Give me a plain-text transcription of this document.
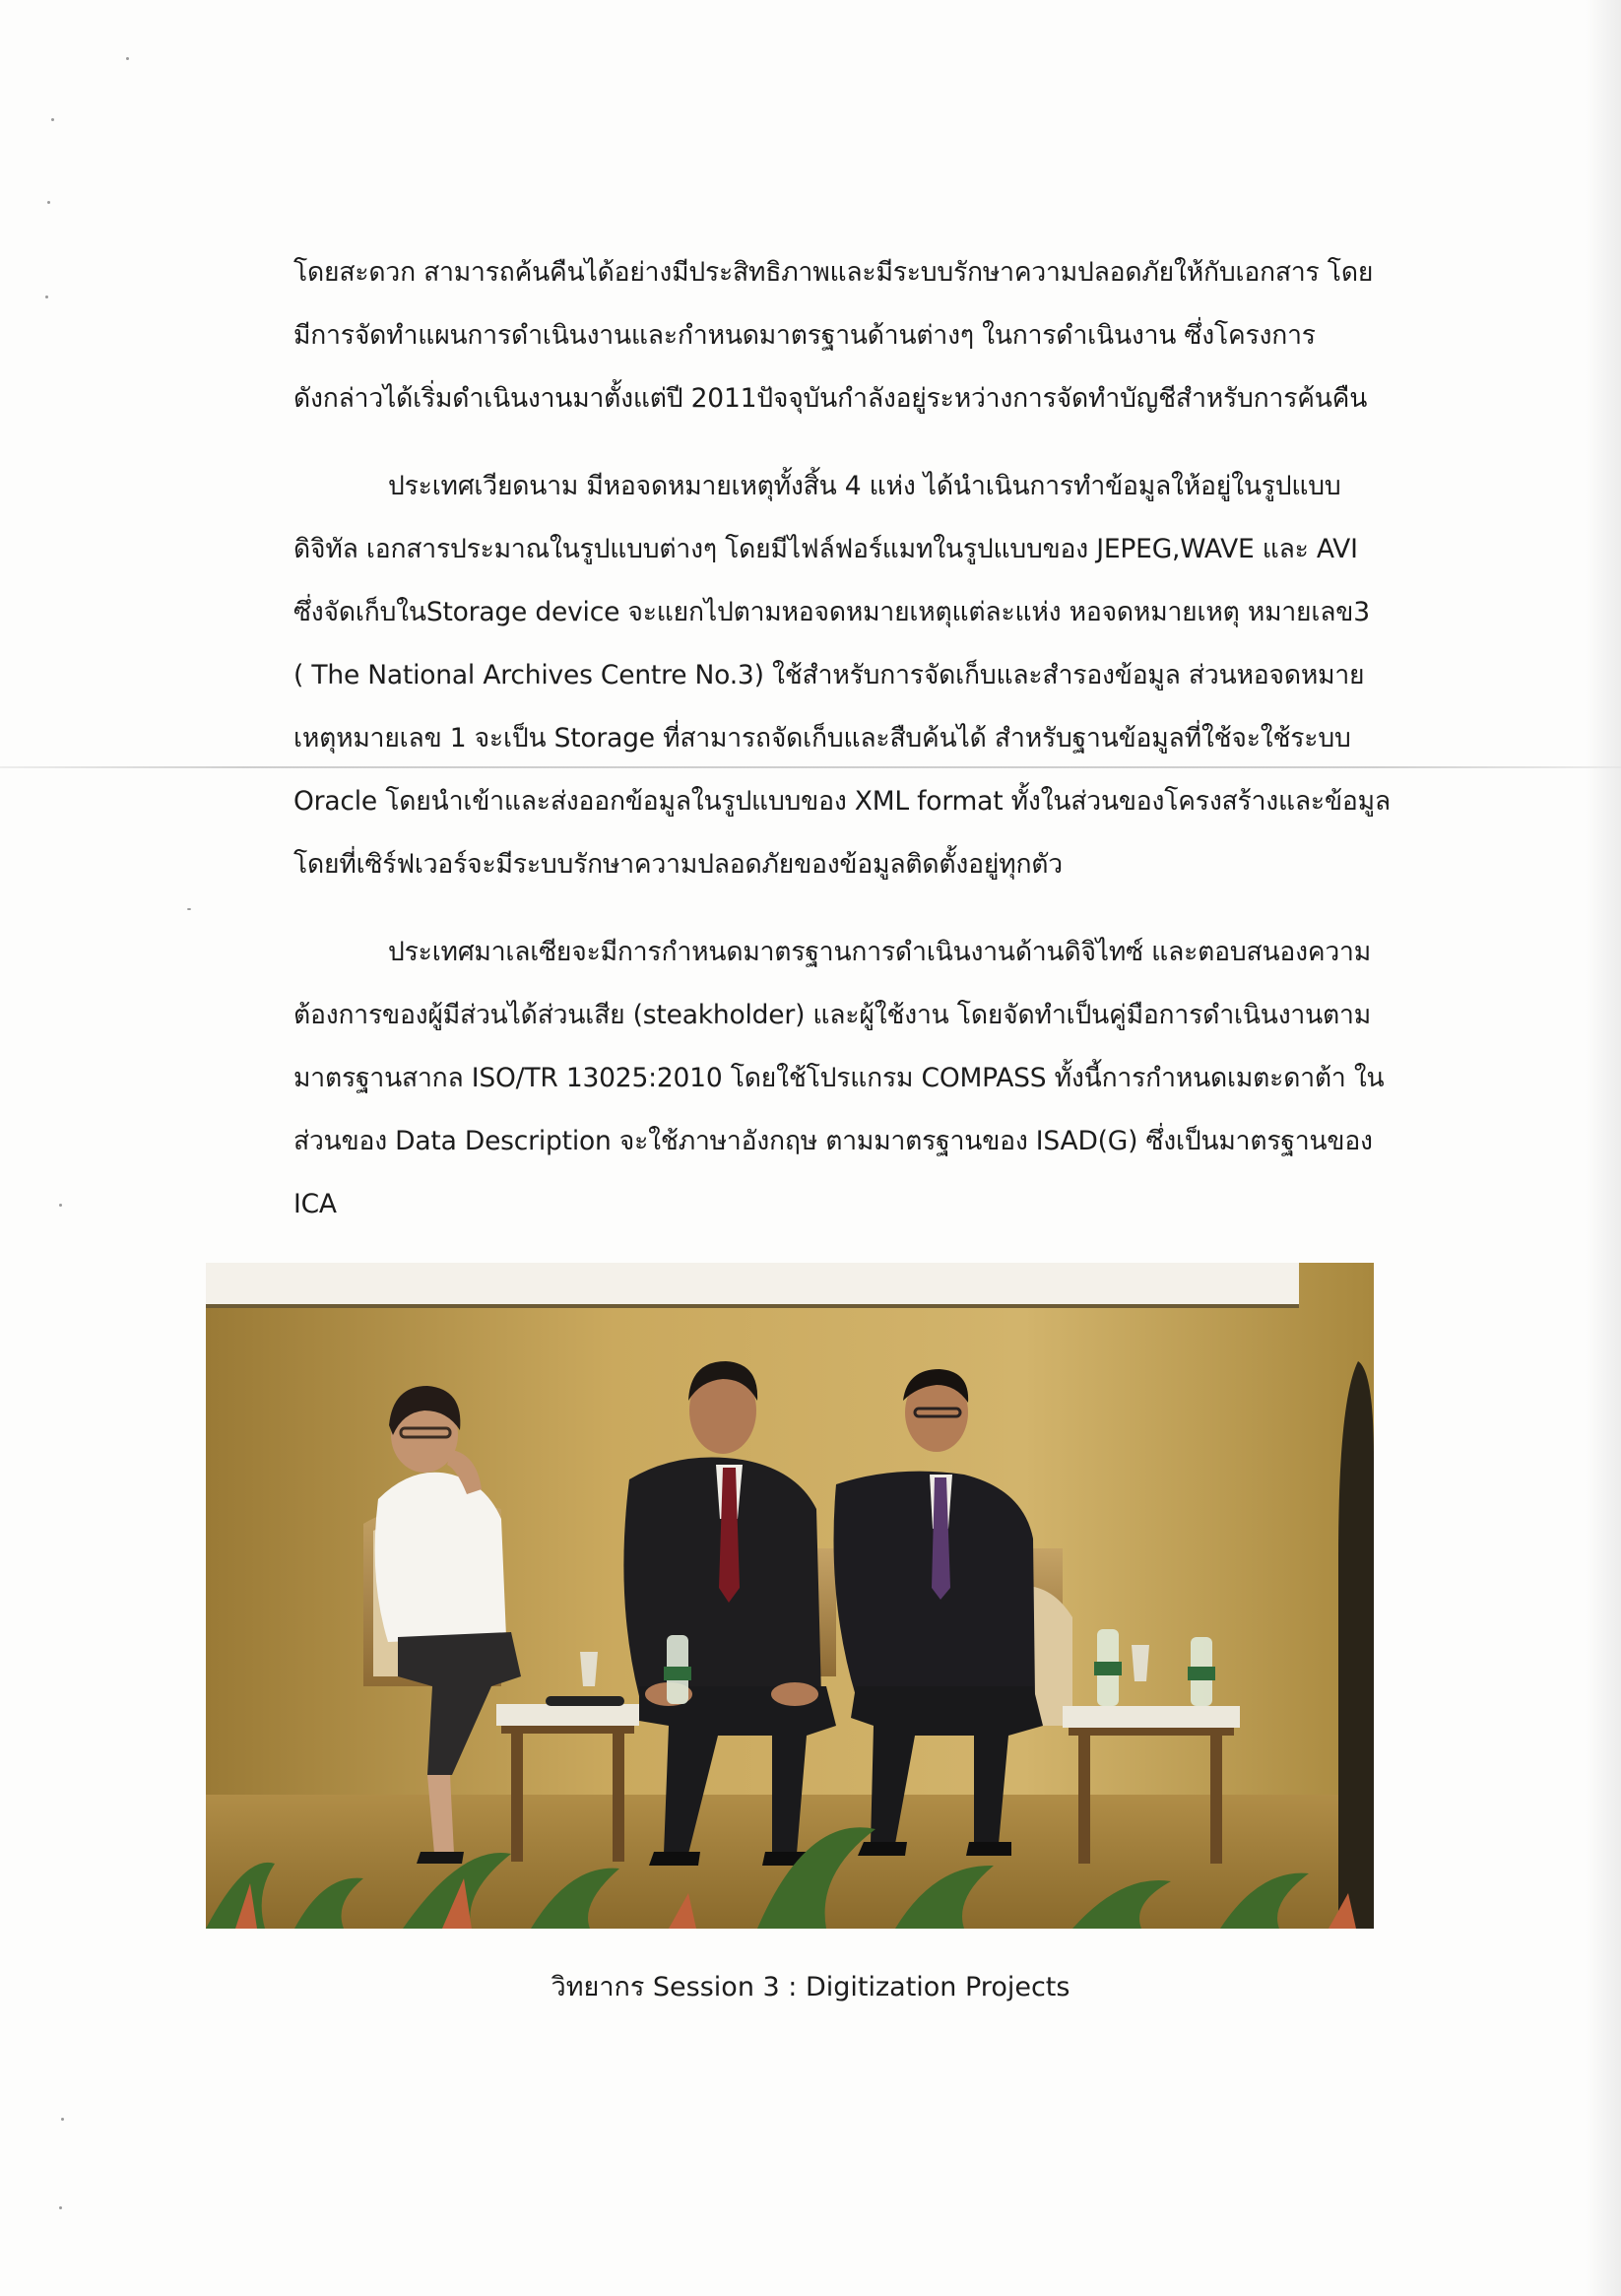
โดยสะดวก สามารถค้นคืนได้อย่างมีประสิทธิภาพและมีระบบรักษาความปลอดภัยให้กับเอกสาร โดย
มีการจัดทำแผนการดำเนินงานและกำหนดมาตรฐานด้านต่างๆ ในการดำเนินงาน ซึ่งโครงการ
ดังกล่าวได้เริ่มดำเนินงานมาตั้งแต่ปี 2011ปัจจุบันกำลังอยู่ระหว่างการจัดทำบัญชีสำหรับการค้นคืน
ประเทศเวียดนาม มีหอจดหมายเหตุทั้งสิ้น 4 แห่ง ได้นำเนินการทำข้อมูลให้อยู่ในรูปแบบ
ดิจิทัล เอกสารประมาณในรูปแบบต่างๆ โดยมีไฟล์ฟอร์แมทในรูปแบบของ JEPEG,WAVE และ AVI
ซึ่งจัดเก็บในStorage device จะแยกไปตามหอจดหมายเหตุแต่ละแห่ง หอจดหมายเหตุ หมายเลข3
( The National Archives Centre No.3) ใช้สำหรับการจัดเก็บและสำรองข้อมูล ส่วนหอจดหมาย
เหตุหมายเลข 1 จะเป็น Storage ที่สามารถจัดเก็บและสืบค้นได้ สำหรับฐานข้อมูลที่ใช้จะใช้ระบบ
Oracle โดยนำเข้าและส่งออกข้อมูลในรูปแบบของ XML format ทั้งในส่วนของโครงสร้างและข้อมูล
โดยที่เซิร์ฟเวอร์จะมีระบบรักษาความปลอดภัยของข้อมูลติดตั้งอยู่ทุกตัว
ประเทศมาเลเซียจะมีการกำหนดมาตรฐานการดำเนินงานด้านดิจิไทซ์ และตอบสนองความ
ต้องการของผู้มีส่วนได้ส่วนเสีย (steakholder) และผู้ใช้งาน โดยจัดทำเป็นคู่มือการดำเนินงานตาม
มาตรฐานสากล ISO/TR 13025:2010 โดยใช้โปรแกรม COMPASS ทั้งนี้การกำหนดเมตะดาต้า ใน
ส่วนของ Data Description จะใช้ภาษาอังกฤษ ตามมาตรฐานของ ISAD(G) ซึ่งเป็นมาตรฐานของ
ICA
วิทยากร Session 3 : Digitization Projects
